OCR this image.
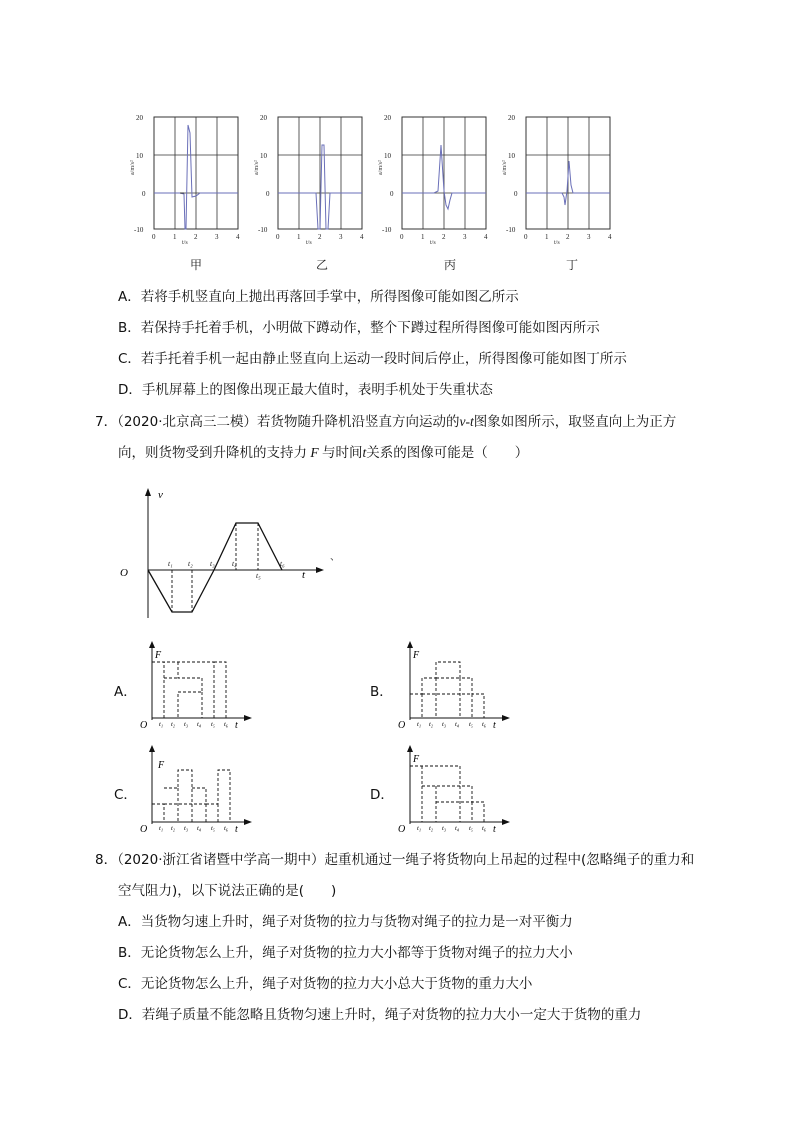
20
10
0
-10
0	1	2	3	4
a/m/s²
t/s
20
10
0
-10
0	1	2	3	4
a/m/s²
t/s
20
10
0
-10
0	1	2	3	4
a/m/s²
t/s
20
10
0
-10
0	1	2	3	4
a/m/s²
t/s
甲	乙	丙	丁
A．若将手机竖直向上抛出再落回手掌中，所得图像可能如图乙所示
B．若保持手托着手机，小明做下蹲动作，整个下蹲过程所得图像可能如图丙所示
C．若手托着手机一起由静止竖直向上运动一段时间后停止，所得图像可能如图丁所示
D．手机屏幕上的图像出现正最大值时，表明手机处于失重状态
7．（2020·北京高三二模）若货物随升降机沿竖直方向运动的v-t图象如图所示，取竖直向上为正方
向，则货物受到升降机的支持力 F 与时间t关系的图像可能是（　　）
v
O	t
t₁ t₂ t₃ t₄
t₅
t₆
、
A．	B．
C．	D．
F
O	t
t₁ t₂ t₃ t₄ t₅ t₆
F
O	t
t₁ t₂ t₃ t₄ t₅ t₆
F
O	t
t₁ t₂ t₃ t₄ t₅ t₆
F
O	t
t₁ t₂ t₃ t₄ t₅ t₆
8．（2020·浙江省诸暨中学高一期中）起重机通过一绳子将货物向上吊起的过程中(忽略绳子的重力和
空气阻力)，以下说法正确的是(　　)
A．当货物匀速上升时，绳子对货物的拉力与货物对绳子的拉力是一对平衡力
B．无论货物怎么上升，绳子对货物的拉力大小都等于货物对绳子的拉力大小
C．无论货物怎么上升，绳子对货物的拉力大小总大于货物的重力大小
D．若绳子质量不能忽略且货物匀速上升时，绳子对货物的拉力大小一定大于货物的重力
